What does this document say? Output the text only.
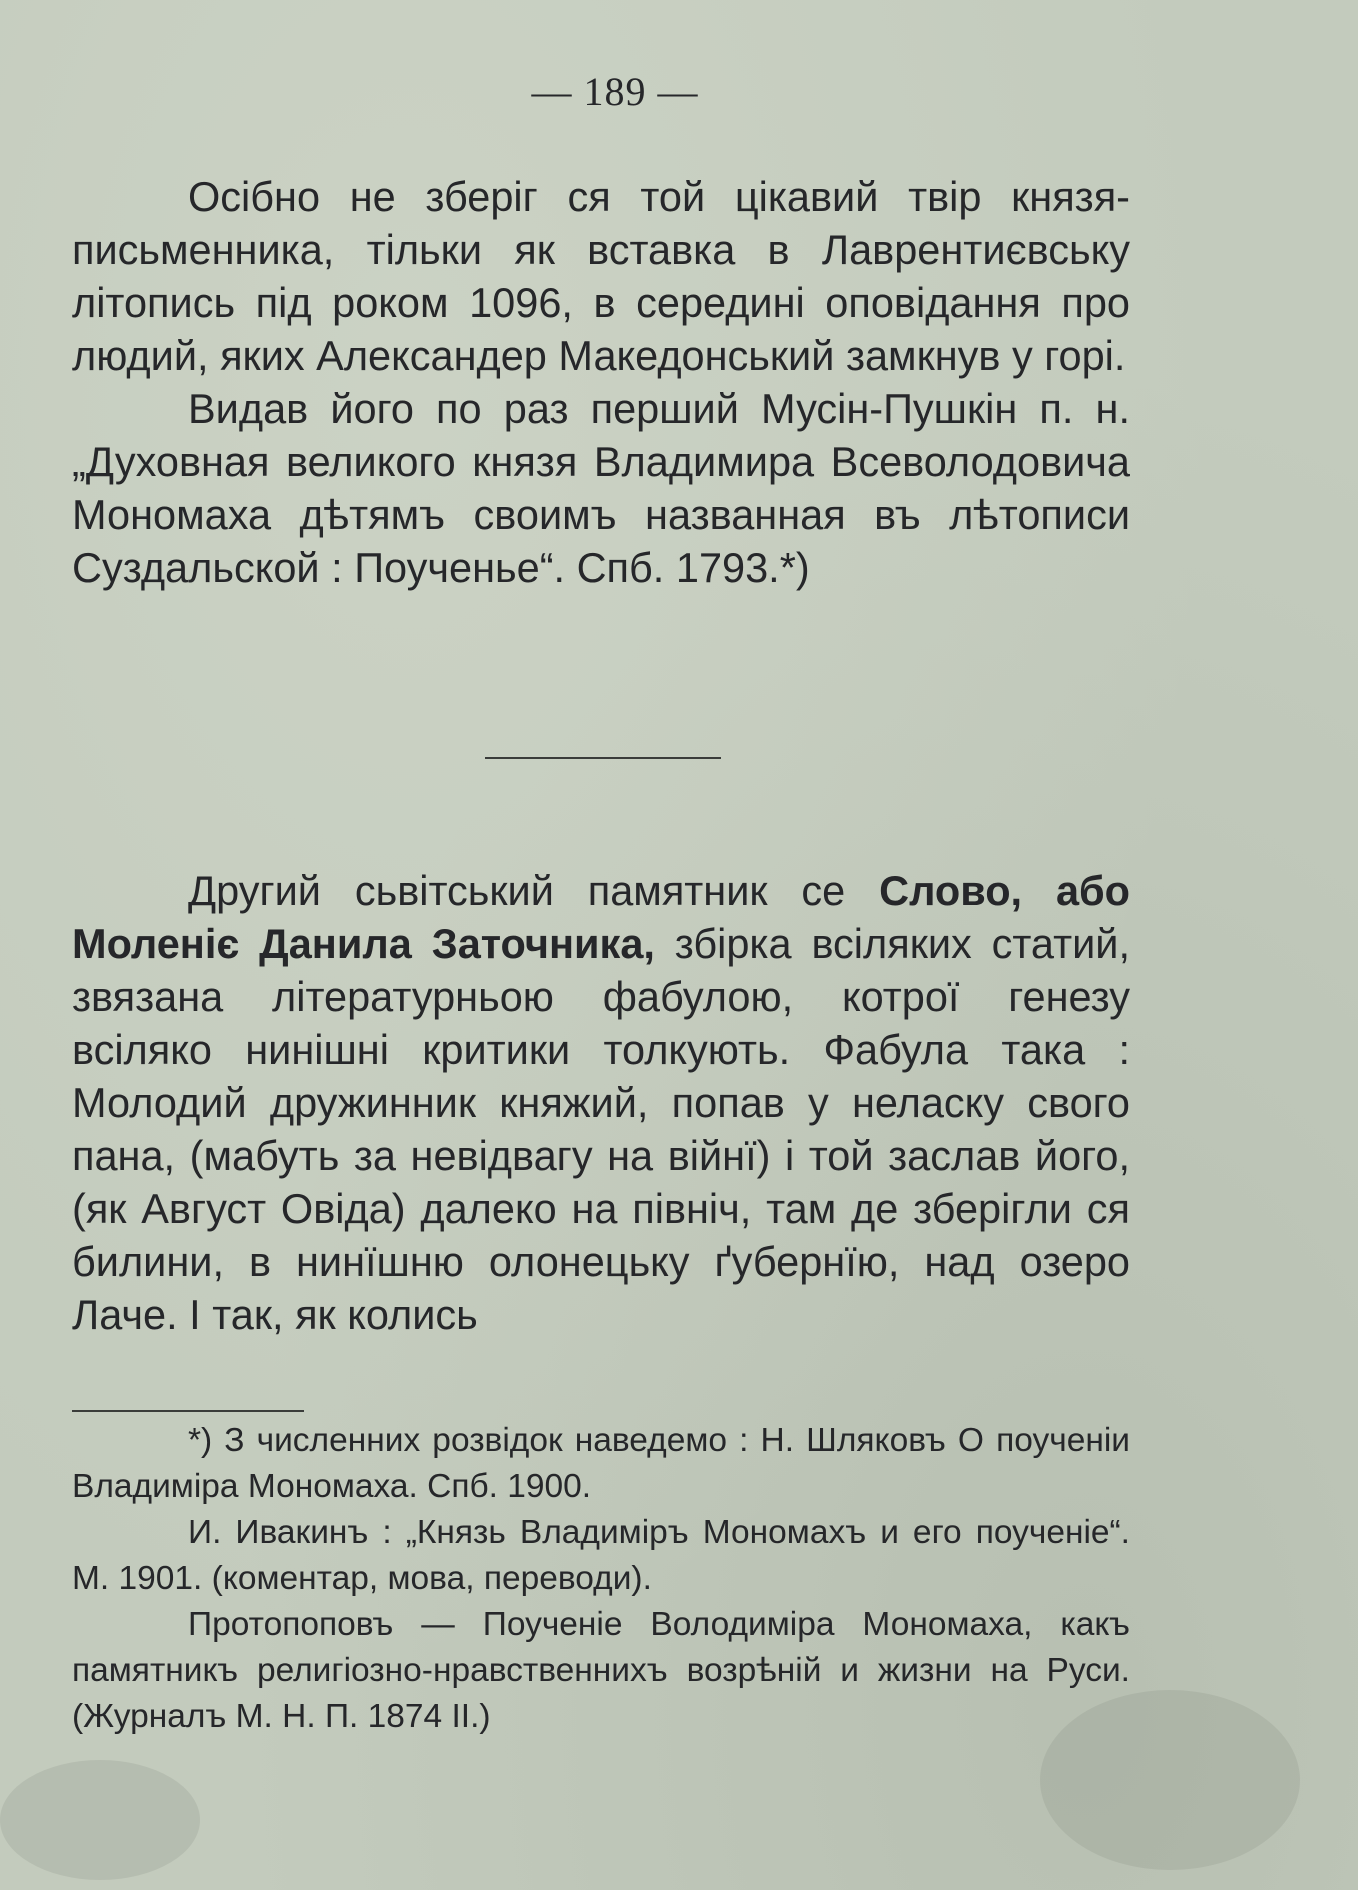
— 189 —

Осібно не зберіг ся той цікавий твір князя-письменника, тільки як вставка в Лаврентиєвську літопись під роком 1096, в середині оповідання про людий, яких Александер Македонський замкнув у горі.

Видав його по раз перший Мусін-Пушкін п. н. „Духовная великого князя Владимира Всеволодовича Мономаха дѣтямъ своимъ названная въ лѣтописи Суздальской : Поученье“. Спб. 1793.*)

Другий сьвітський памятник се Слово, або Моленіє Данила Заточника, збірка всіляких статий, звязана літературньою фабулою, котрої генезу всіляко нинішні критики толкують. Фабула така : Молодий дружинник княжий, попав у неласку свого пана, (мабуть за невідвагу на війнї) і той заслав його, (як Август Овіда) далеко на північ, там де зберігли ся билини, в нинїшню олонецьку ґубернїю, над озеро Лаче. І так, як колись

*) З численних розвідок наведемо : Н. Шляковъ О поученіи Владиміра Мономаха. Спб. 1900.

И. Ивакинъ : „Князь Владиміръ Мономахъ и его поученіе“. М. 1901. (коментар, мова, переводи).

Протопоповъ — Поученіе Володиміра Мономаха, какъ памятникъ религіозно-нравственнихъ возрѣній и жизни на Руси. (Журналъ М. Н. П. 1874 II.)
